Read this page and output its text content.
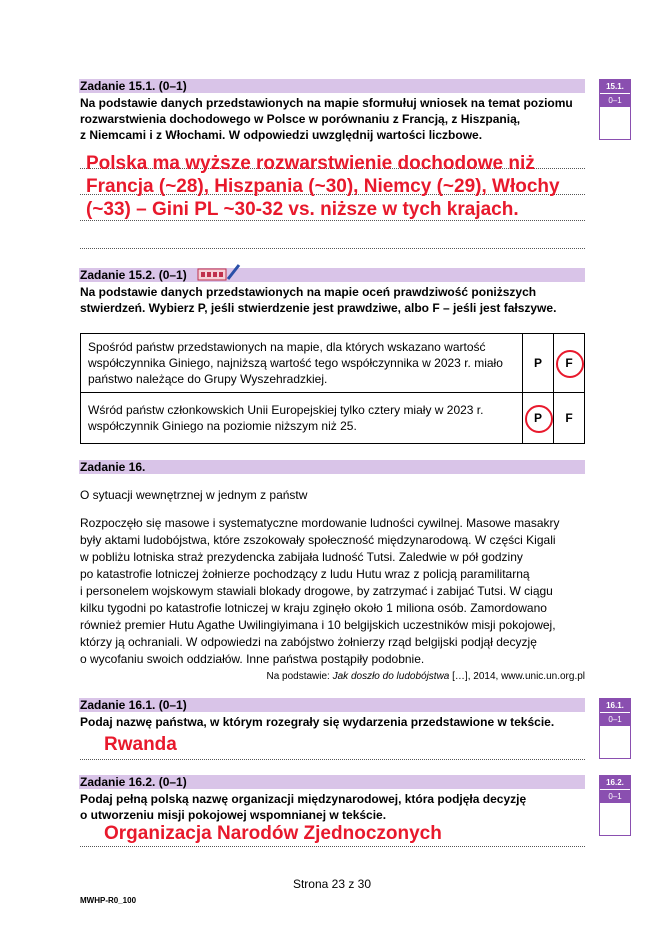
Zadanie 15.1. (0–1)
Na podstawie danych przedstawionych na mapie sformułuj wniosek na temat poziomu
rozwarstwienia dochodowego w Polsce w porównaniu z Francją, z Hiszpanią,
z Niemcami i z Włochami. W odpowiedzi uwzględnij wartości liczbowe.
Polska ma wyższe rozwarstwienie dochodowe niż
Francja (~28), Hiszpania (~30), Niemcy (~29), Włochy
(~33) – Gini PL ~30-32 vs. niższe w tych krajach.
15.1.
0–1
Zadanie 15.2. (0–1)
Na podstawie danych przedstawionych na mapie oceń prawdziwość poniższych
stwierdzeń. Wybierz P, jeśli stwierdzenie jest prawdziwe, albo F – jeśli jest fałszywe.
Spośród państw przedstawionych na mapie, dla których wskazano wartość
współczynnika Giniego, najniższą wartość tego współczynnika w 2023 r. miało
państwo należące do Grupy Wyszehradzkiej.	P	F

Wśród państw członkowskich Unii Europejskiej tylko cztery miały w 2023 r.
współczynnik Giniego na poziomie niższym niż 25.	P	F
Zadanie 16.
O sytuacji wewnętrznej w jednym z państw
Rozpoczęło się masowe i systematyczne mordowanie ludności cywilnej. Masowe masakry
były aktami ludobójstwa, które zszokowały społeczność międzynarodową. W części Kigali
w pobliżu lotniska straż prezydencka zabijała ludność Tutsi. Zaledwie w pół godziny
po katastrofie lotniczej żołnierze pochodzący z ludu Hutu wraz z policją paramilitarną
i personelem wojskowym stawiali blokady drogowe, by zatrzymać i zabijać Tutsi. W ciągu
kilku tygodni po katastrofie lotniczej w kraju zginęło około 1 miliona osób. Zamordowano
również premier Hutu Agathe Uwilingiyimana i 10 belgijskich uczestników misji pokojowej,
którzy ją ochraniali. W odpowiedzi na zabójstwo żołnierzy rząd belgijski podjął decyzję
o wycofaniu swoich oddziałów. Inne państwa postąpiły podobnie.
Na podstawie: Jak doszło do ludobójstwa […], 2014, www.unic.un.org.pl
Zadanie 16.1. (0–1)
Podaj nazwę państwa, w którym rozegrały się wydarzenia przedstawione w tekście.
Rwanda
16.1.
0–1
Zadanie 16.2. (0–1)
Podaj pełną polską nazwę organizacji międzynarodowej, która podjęła decyzję
o utworzeniu misji pokojowej wspomnianej w tekście.
Organizacja Narodów Zjednoczonych
16.2.
0–1
Strona 23 z 30
MWHP-R0_100
